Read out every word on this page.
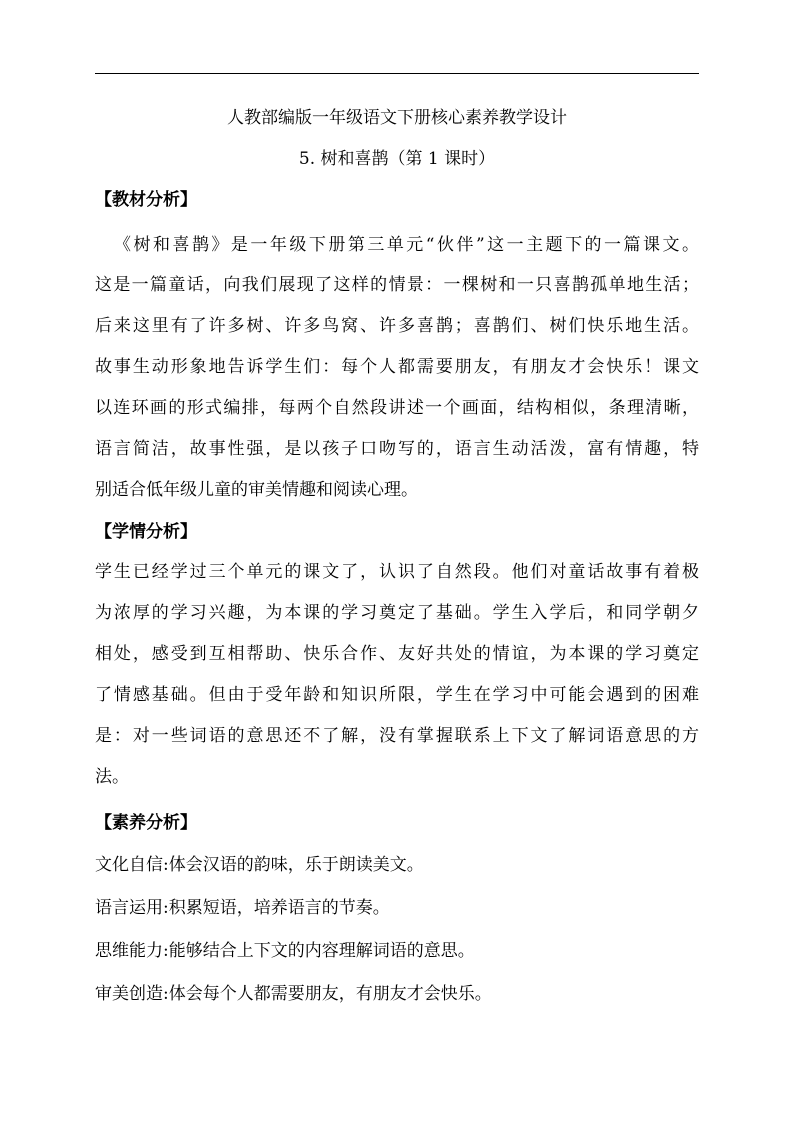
人教部编版一年级语文下册核心素养教学设计
5. 树和喜鹊（第 1 课时）
【教材分析】
《树和喜鹊》是一年级下册第三单元“伙伴”这一主题下的一篇课文。
这是一篇童话，向我们展现了这样的情景：一棵树和一只喜鹊孤单地生活；
后来这里有了许多树、许多鸟窝、许多喜鹊；喜鹊们、树们快乐地生活。
故事生动形象地告诉学生们：每个人都需要朋友，有朋友才会快乐！课文
以连环画的形式编排，每两个自然段讲述一个画面，结构相似，条理清晰，
语言简洁，故事性强，是以孩子口吻写的，语言生动活泼，富有情趣，特
别适合低年级儿童的审美情趣和阅读心理。
【学情分析】
学生已经学过三个单元的课文了，认识了自然段。他们对童话故事有着极
为浓厚的学习兴趣，为本课的学习奠定了基础。学生入学后，和同学朝夕
相处，感受到互相帮助、快乐合作、友好共处的情谊，为本课的学习奠定
了情感基础。但由于受年龄和知识所限，学生在学习中可能会遇到的困难
是：对一些词语的意思还不了解，没有掌握联系上下文了解词语意思的方
法。
【素养分析】
文化自信:体会汉语的韵味，乐于朗读美文。
语言运用:积累短语，培养语言的节奏。
思维能力:能够结合上下文的内容理解词语的意思。
审美创造:体会每个人都需要朋友，有朋友才会快乐。
